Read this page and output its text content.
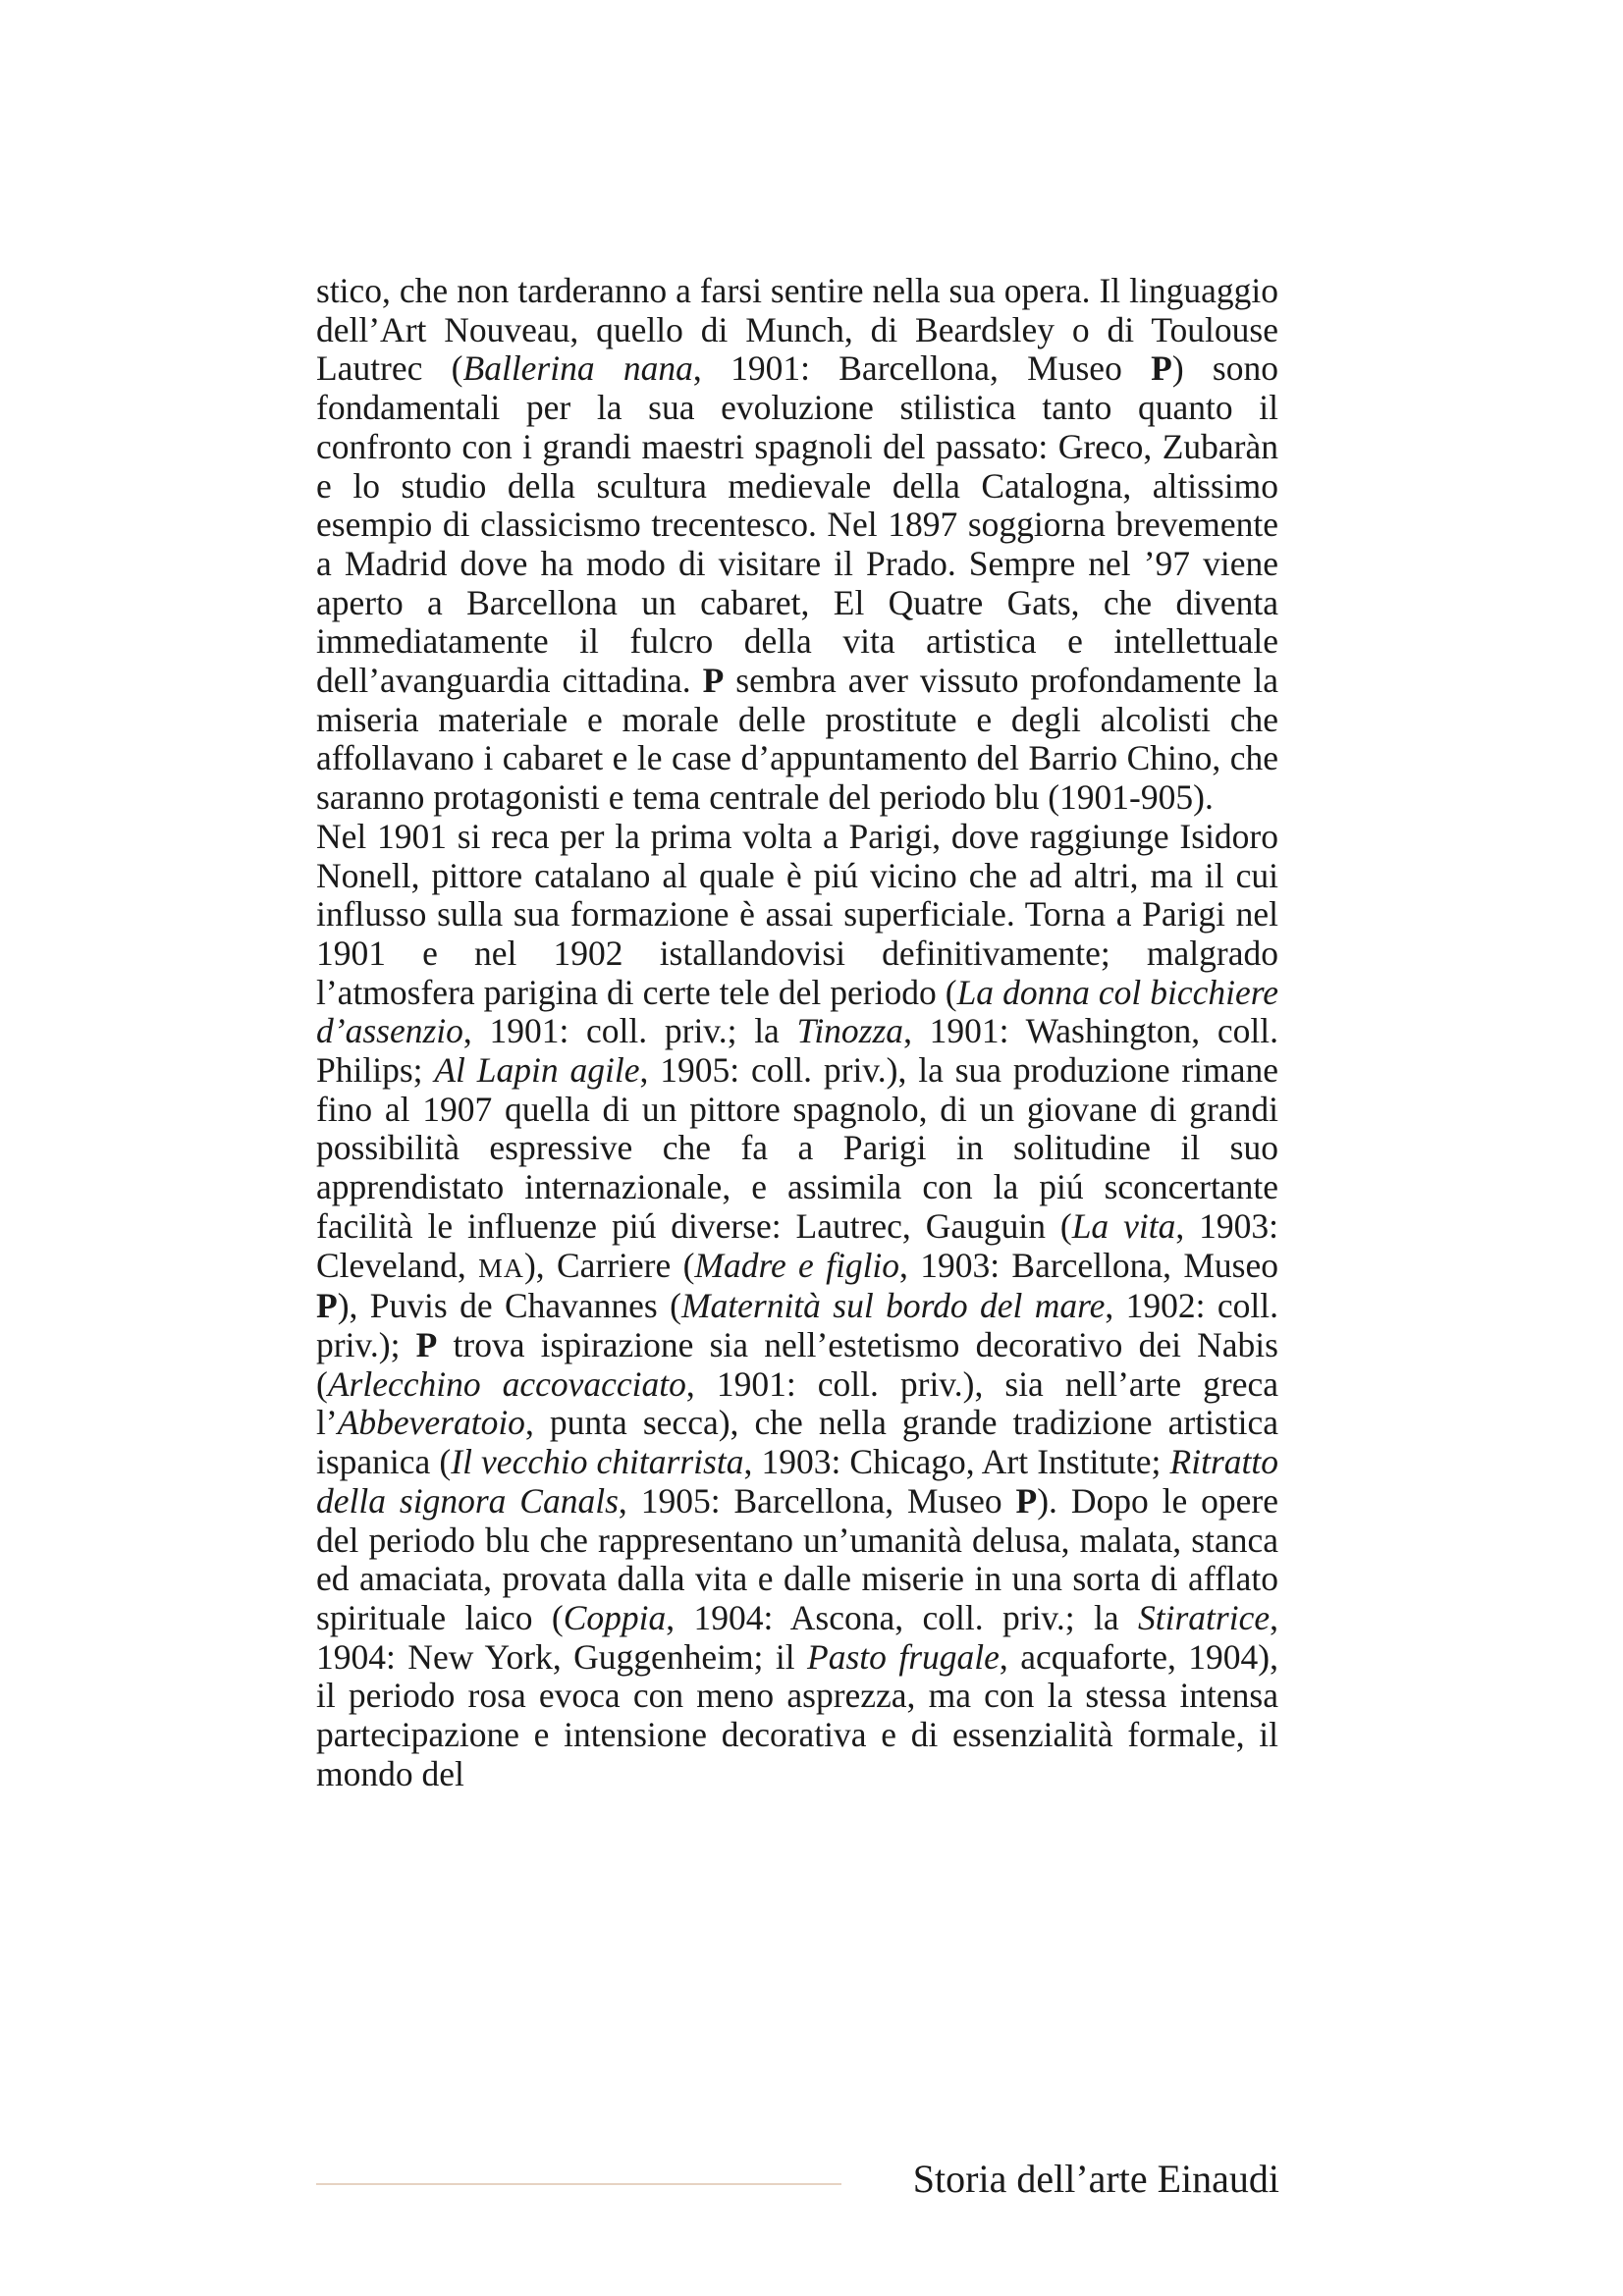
stico, che non tarderanno a farsi sentire nella sua opera. Il linguaggio dell’Art Nouveau, quello di Munch, di Beardsley o di Toulouse Lautrec (Ballerina nana, 1901: Barcellona, Museo P) sono fondamentali per la sua evoluzione stilistica tanto quanto il confronto con i grandi maestri spagnoli del passato: Greco, Zubaràn e lo studio della scultura medievale della Catalogna, altissimo esempio di classicismo trecentesco. Nel 1897 soggiorna brevemente a Madrid dove ha modo di visitare il Prado. Sempre nel ’97 viene aperto a Barcellona un cabaret, El Quatre Gats, che diventa immediatamente il fulcro della vita artistica e intellettuale dell’avanguardia cittadina. P sembra aver vissuto profondamente la miseria materiale e morale delle prostitute e degli alcolisti che affollavano i cabaret e le case d’appuntamento del Barrio Chino, che saranno protagonisti e tema centrale del periodo blu (1901-905).

Nel 1901 si reca per la prima volta a Parigi, dove raggiunge Isidoro Nonell, pittore catalano al quale è piú vicino che ad altri, ma il cui influsso sulla sua formazione è assai superficiale. Torna a Parigi nel 1901 e nel 1902 istallandovisi definitivamente; malgrado l’atmosfera parigina di certe tele del periodo (La donna col bicchiere d’assenzio, 1901: coll. priv.; la Tinozza, 1901: Washington, coll. Philips; Al Lapin agile, 1905: coll. priv.), la sua produzione rimane fino al 1907 quella di un pittore spagnolo, di un giovane di grandi possibilità espressive che fa a Parigi in solitudine il suo apprendistato internazionale, e assimila con la piú sconcertante facilità le influenze piú diverse: Lautrec, Gauguin (La vita, 1903: Cleveland, MA), Carriere (Madre e figlio, 1903: Barcellona, Museo P), Puvis de Chavannes (Maternità sul bordo del mare, 1902: coll. priv.); P trova ispirazione sia nell’estetismo decorativo dei Nabis (Arlecchino accovacciato, 1901: coll. priv.), sia nell’arte greca l’Abbeveratoio, punta secca), che nella grande tradizione artistica ispanica (Il vecchio chitarrista, 1903: Chicago, Art Institute; Ritratto della signora Canals, 1905: Barcellona, Museo P). Dopo le opere del periodo blu che rappresentano un’umanità delusa, malata, stanca ed amaciata, provata dalla vita e dalle miserie in una sorta di afflato spirituale laico (Coppia, 1904: Ascona, coll. priv.; la Stiratrice, 1904: New York, Guggenheim; il Pasto frugale, acquaforte, 1904), il periodo rosa evoca con meno asprezza, ma con la stessa intensa partecipazione e intensione decorativa e di essenzialità formale, il mondo del

Storia dell’arte Einaudi
